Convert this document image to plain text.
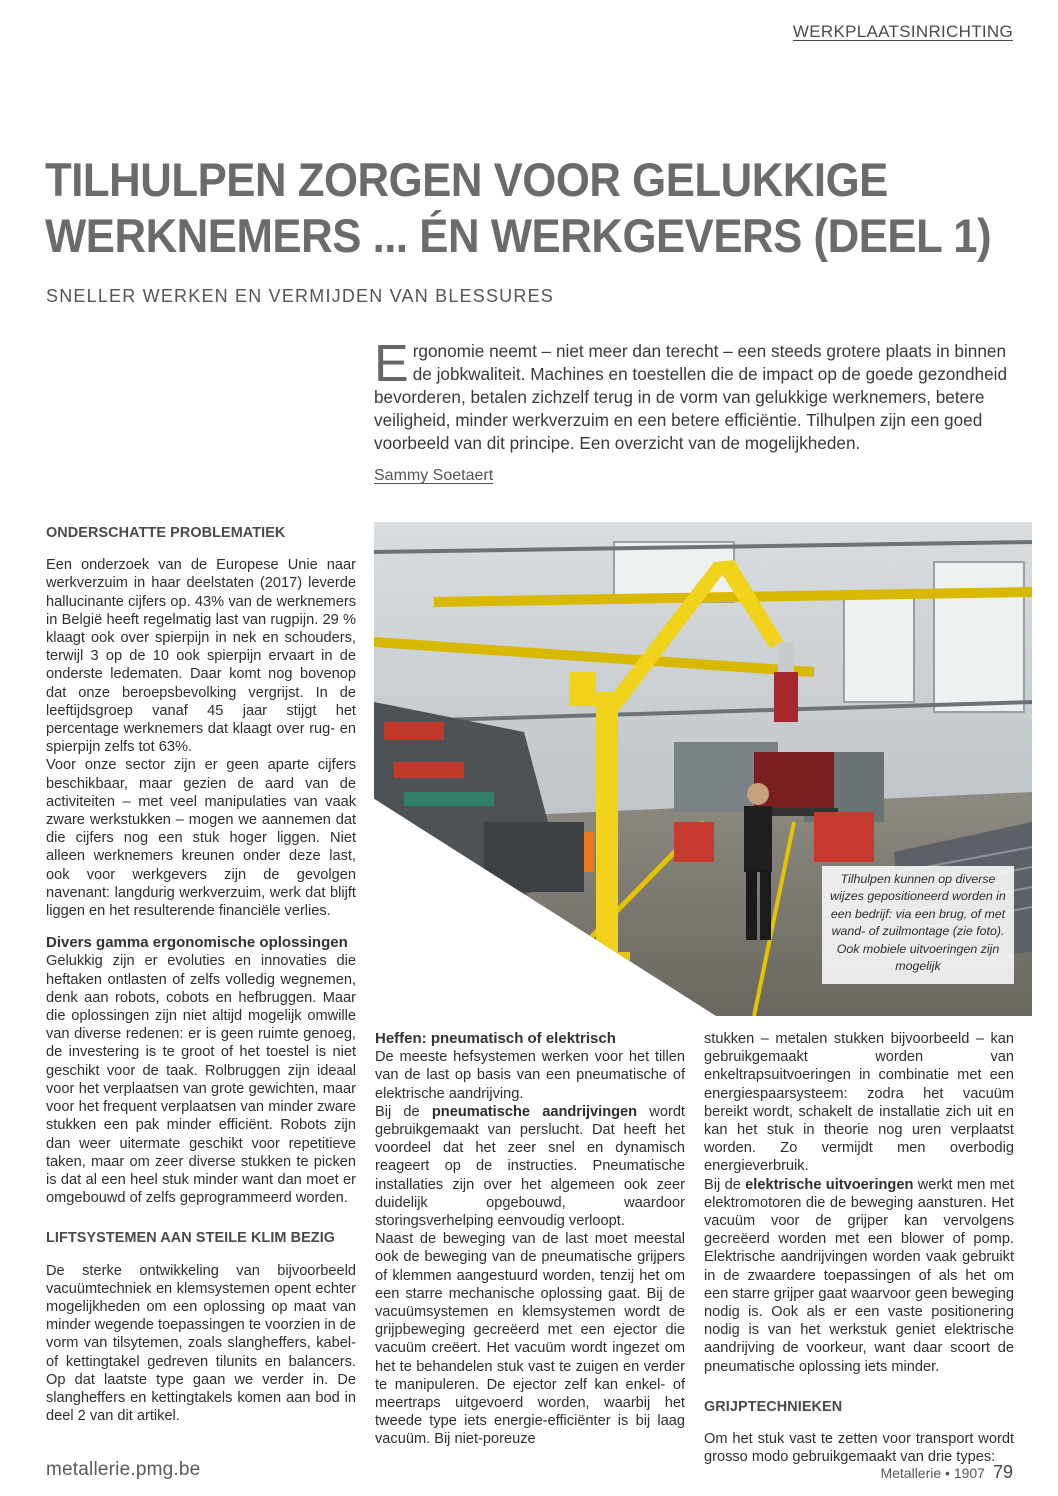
WERKPLAATSINRICHTING
TILHULPEN ZORGEN VOOR GELUKKIGE
WERKNEMERS ... ÉN WERKGEVERS (DEEL 1)
SNELLER WERKEN EN VERMIJDEN VAN BLESSURES
Ergonomie neemt – niet meer dan terecht – een steeds grotere plaats in binnen de jobkwaliteit. Machines en toestellen die de impact op de goede gezondheid bevorderen, betalen zichzelf terug in de vorm van gelukkige werknemers, betere veiligheid, minder werkverzuim en een betere efficiëntie. Tilhulpen zijn een goed voorbeeld van dit principe. Een overzicht van de mogelijkheden.
Sammy Soetaert

ONDERSCHATTE PROBLEMATIEK

Een onderzoek van de Europese Unie naar werkverzuim in haar deelstaten (2017) leverde hallucinante cijfers op. 43% van de werknemers in België heeft regelmatig last van rugpijn. 29 % klaagt ook over spierpijn in nek en schouders, terwijl 3 op de 10 ook spierpijn ervaart in de onderste ledematen. Daar komt nog bovenop dat onze beroepsbevolking vergrijst. In de leeftijdsgroep vanaf 45 jaar stijgt het percentage werknemers dat klaagt over rug- en spierpijn zelfs tot 63%.

Voor onze sector zijn er geen aparte cijfers beschikbaar, maar gezien de aard van de activiteiten – met veel manipulaties van vaak zware werkstukken – mogen we aannemen dat die cijfers nog een stuk hoger liggen. Niet alleen werknemers kreunen onder deze last, ook voor werkgevers zijn de gevolgen navenant: langdurig werkverzuim, werk dat blijft liggen en het resulterende financiële verlies.

Divers gamma ergonomische oplossingen

Gelukkig zijn er evoluties en innovaties die heftaken ontlasten of zelfs volledig wegnemen, denk aan robots, cobots en hefbruggen. Maar die oplossingen zijn niet altijd mogelijk omwille van diverse redenen: er is geen ruimte genoeg, de investering is te groot of het toestel is niet geschikt voor de taak. Rolbruggen zijn ideaal voor het verplaatsen van grote gewichten, maar voor het frequent verplaatsen van minder zware stukken een pak minder efficiënt. Robots zijn dan weer uitermate geschikt voor repetitieve taken, maar om zeer diverse stukken te picken is dat al een heel stuk minder want dan moet er omgebouwd of zelfs geprogrammeerd worden.

LIFTSYSTEMEN AAN STEILE KLIM BEZIG

De sterke ontwikkeling van bijvoorbeeld vacuümtechniek en klemsystemen opent echter mogelijkheden om een oplossing op maat van minder wegende toepassingen te voorzien in de vorm van tilsytemen, zoals slangheffers, kabel- of kettingtakel gedreven tilunits en balancers. Op dat laatste type gaan we verder in. De slangheffers en kettingtakels komen aan bod in deel 2 van dit artikel.

Tilhulpen kunnen op diverse wijzes gepositioneerd worden in een bedrijf: via een brug, of met wand- of zuilmontage (zie foto). Ook mobiele uitvoeringen zijn mogelijk

Heffen: pneumatisch of elektrisch

De meeste hefsystemen werken voor het tillen van de last op basis van een pneumatische of elektrische aandrijving.

Bij de pneumatische aandrijvingen wordt gebruikgemaakt van perslucht. Dat heeft het voordeel dat het zeer snel en dynamisch reageert op de instructies. Pneumatische installaties zijn over het algemeen ook zeer duidelijk opgebouwd, waardoor storingsverhelping eenvoudig verloopt.

Naast de beweging van de last moet meestal ook de beweging van de pneumatische grijpers of klemmen aangestuurd worden, tenzij het om een starre mechanische oplossing gaat. Bij de vacuümsystemen en klemsystemen wordt de grijpbeweging gecreëerd met een ejector die vacuüm creëert. Het vacuüm wordt ingezet om het te behandelen stuk vast te zuigen en verder te manipuleren. De ejector zelf kan enkel- of meertraps uitgevoerd worden, waarbij het tweede type iets energie-efficiënter is bij laag vacuüm. Bij niet-poreuze

stukken – metalen stukken bijvoorbeeld – kan gebruikgemaakt worden van enkeltrapsuitvoeringen in combinatie met een energiespaarsysteem: zodra het vacuüm bereikt wordt, schakelt de installatie zich uit en kan het stuk in theorie nog uren verplaatst worden. Zo vermijdt men overbodig energieverbruik.

Bij de elektrische uitvoeringen werkt men met elektromotoren die de beweging aansturen. Het vacuüm voor de grijper kan vervolgens gecreëerd worden met een blower of pomp. Elektrische aandrijvingen worden vaak gebruikt in de zwaardere toepassingen of als het om een starre grijper gaat waarvoor geen beweging nodig is. Ook als er een vaste positionering nodig is van het werkstuk geniet elektrische aandrijving de voorkeur, want daar scoort de pneumatische oplossing iets minder.

GRIJPTECHNIEKEN

Om het stuk vast te zetten voor transport wordt grosso modo gebruikgemaakt van drie types:

metallerie.pmg.be	Metallerie • 1907 79
